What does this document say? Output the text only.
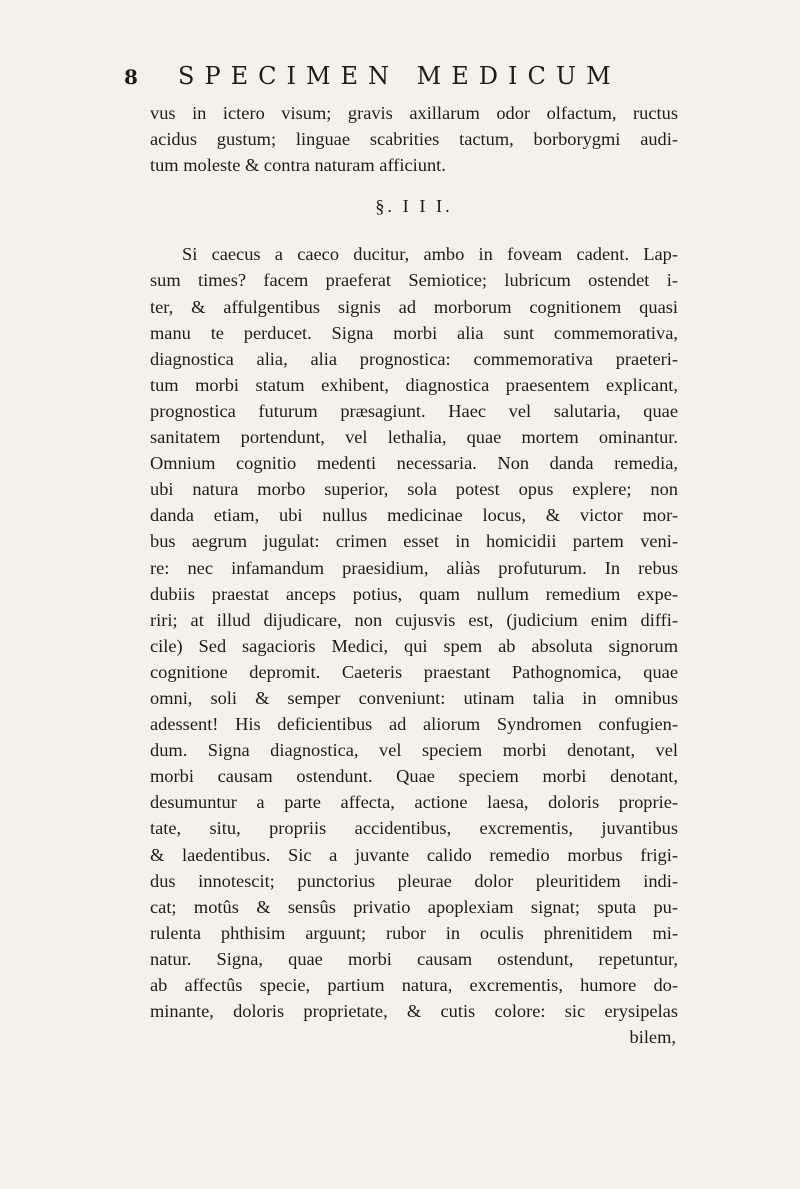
8	SPECIMEN MEDICUM
vus in ictero visum; gravis axillarum odor olfactum, ructus
acidus gustum; linguae scabrities tactum, borborygmi audi-
tum moleste & contra naturam afficiunt.
§. I I I.
Si caecus a caeco ducitur, ambo in foveam cadent. Lap-
sum times? facem praeferat Semiotice; lubricum ostendet i-
ter, & affulgentibus signis ad morborum cognitionem quasi
manu te perducet. Signa morbi alia sunt commemorativa,
diagnostica alia, alia prognostica: commemorativa praeteri-
tum morbi statum exhibent, diagnostica praesentem explicant,
prognostica futurum præsagiunt. Haec vel salutaria, quae
sanitatem portendunt, vel lethalia, quae mortem ominantur.
Omnium cognitio medenti necessaria. Non danda remedia,
ubi natura morbo superior, sola potest opus explere; non
danda etiam, ubi nullus medicinae locus, & victor mor-
bus aegrum jugulat: crimen esset in homicidii partem veni-
re: nec infamandum praesidium, aliàs profuturum. In rebus
dubiis praestat anceps potius, quam nullum remedium expe-
riri; at illud dijudicare, non cujusvis est, (judicium enim diffi-
cile) Sed sagacioris Medici, qui spem ab absoluta signorum
cognitione depromit. Caeteris praestant Pathognomica, quae
omni, soli & semper conveniunt: utinam talia in omnibus
adessent! His deficientibus ad aliorum Syndromen confugien-
dum. Signa diagnostica, vel speciem morbi denotant, vel
morbi causam ostendunt. Quae speciem morbi denotant,
desumuntur a parte affecta, actione laesa, doloris proprie-
tate, situ, propriis accidentibus, excrementis, juvantibus
& laedentibus. Sic a juvante calido remedio morbus frigi-
dus innotescit; punctorius pleurae dolor pleuritidem indi-
cat; motûs & sensûs privatio apoplexiam signat; sputa pu-
rulenta phthisim arguunt; rubor in oculis phrenitidem mi-
natur. Signa, quae morbi causam ostendunt, repetuntur,
ab affectûs specie, partium natura, excrementis, humore do-
minante, doloris proprietate, & cutis colore: sic erysipelas
bilem,
